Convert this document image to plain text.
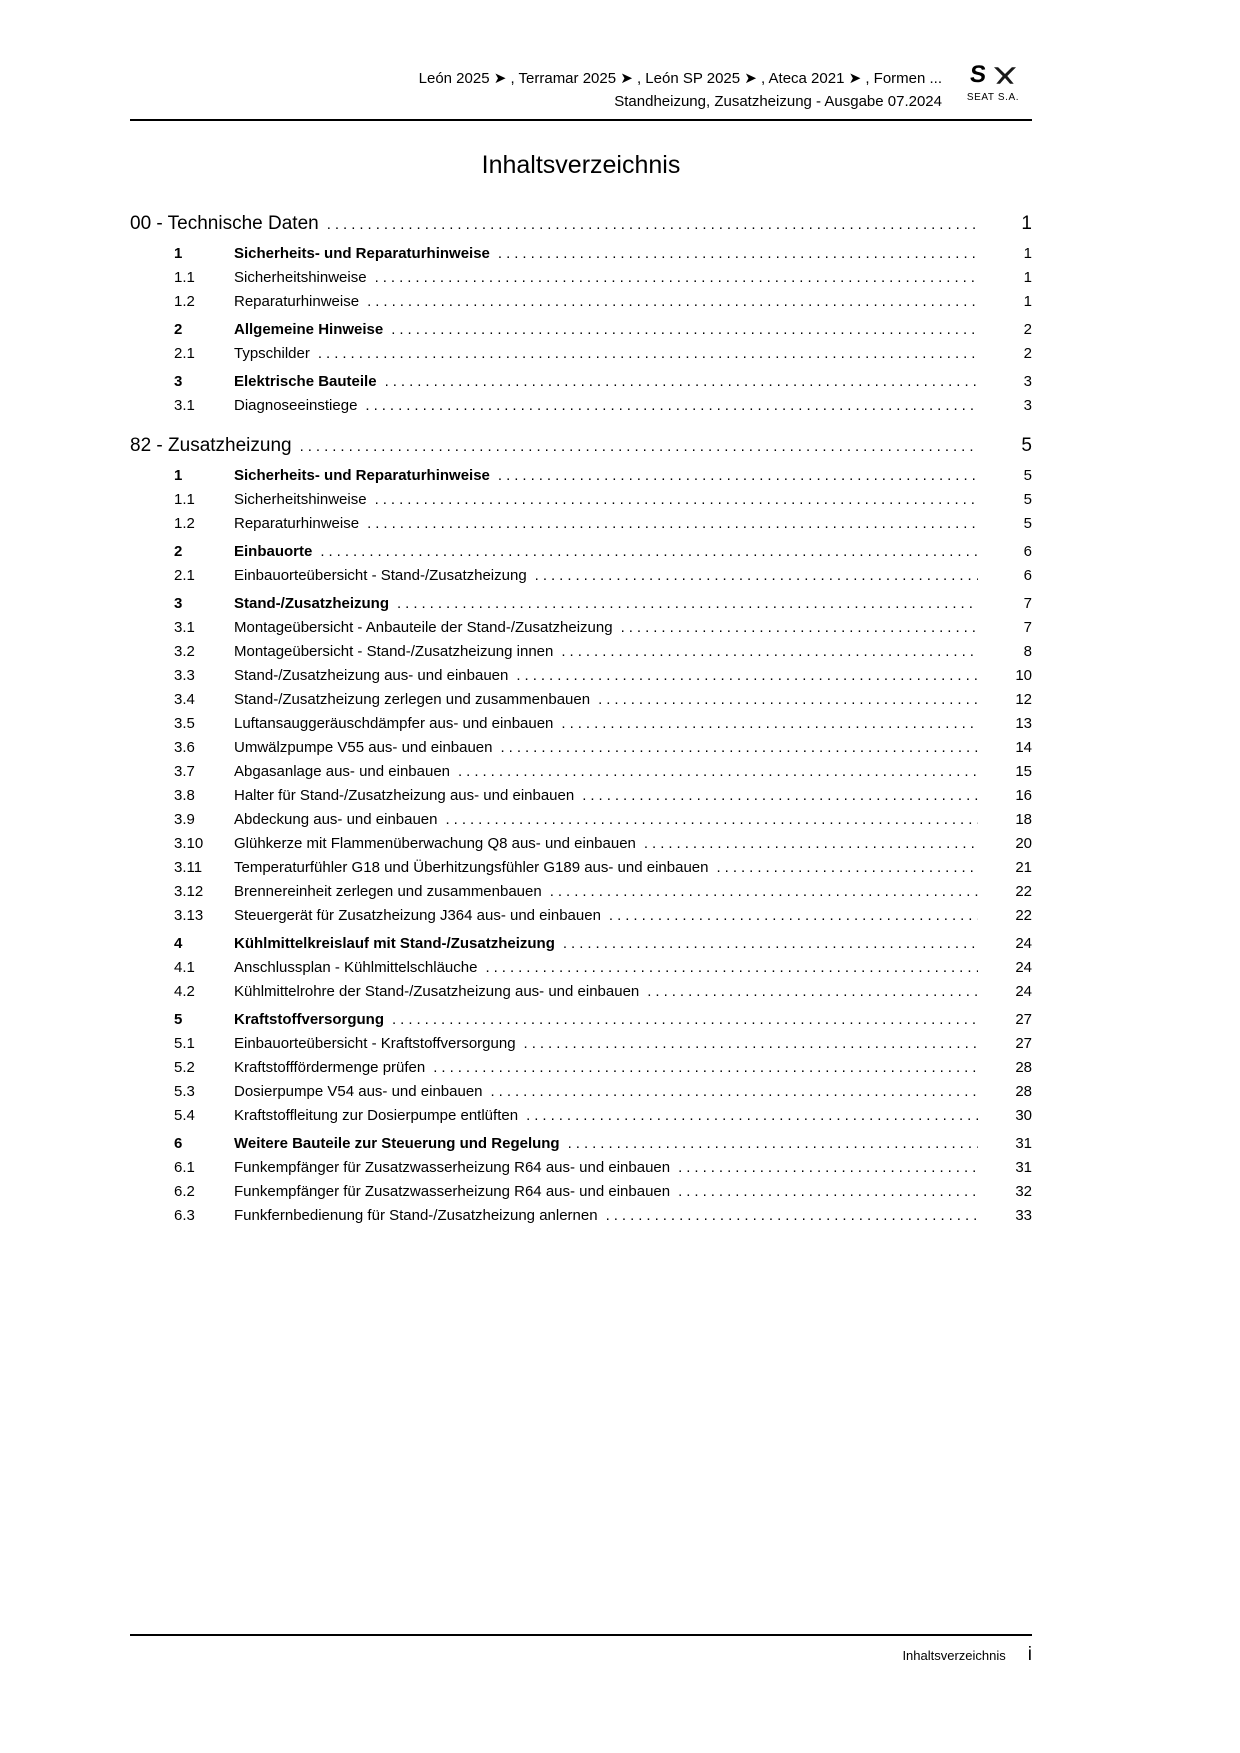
León 2025 ➤ , Terramar 2025 ➤ , León SP 2025 ➤ , Ateca 2021 ➤ , Formen ...
Standheizung, Zusatzheizung - Ausgabe 07.2024
S
SEAT S.A.
Inhaltsverzeichnis
00 - Technische Daten .....	1
1	Sicherheits- und Reparaturhinweise .....	1
1.1	Sicherheitshinweise .....	1
1.2	Reparaturhinweise .....	1
2	Allgemeine Hinweise .....	2
2.1	Typschilder .....	2
3	Elektrische Bauteile .....	3
3.1	Diagnoseeinstiege .....	3
82 - Zusatzheizung .....	5
1	Sicherheits- und Reparaturhinweise .....	5
1.1	Sicherheitshinweise .....	5
1.2	Reparaturhinweise .....	5
2	Einbauorte .....	6
2.1	Einbauorteübersicht - Stand-/Zusatzheizung .....	6
3	Stand-/Zusatzheizung .....	7
3.1	Montageübersicht - Anbauteile der Stand-/Zusatzheizung .....	7
3.2	Montageübersicht - Stand-/Zusatzheizung innen .....	8
3.3	Stand-/Zusatzheizung aus- und einbauen .....	10
3.4	Stand-/Zusatzheizung zerlegen und zusammenbauen .....	12
3.5	Luftansauggeräuschdämpfer aus- und einbauen .....	13
3.6	Umwälzpumpe V55 aus- und einbauen .....	14
3.7	Abgasanlage aus- und einbauen .....	15
3.8	Halter für Stand-/Zusatzheizung aus- und einbauen .....	16
3.9	Abdeckung aus- und einbauen .....	18
3.10	Glühkerze mit Flammenüberwachung Q8 aus- und einbauen .....	20
3.11	Temperaturfühler G18 und Überhitzungsfühler G189 aus- und einbauen .....	21
3.12	Brennereinheit zerlegen und zusammenbauen .....	22
3.13	Steuergerät für Zusatzheizung J364 aus- und einbauen .....	22
4	Kühlmittelkreislauf mit Stand-/Zusatzheizung .....	24
4.1	Anschlussplan - Kühlmittelschläuche .....	24
4.2	Kühlmittelrohre der Stand-/Zusatzheizung aus- und einbauen .....	24
5	Kraftstoffversorgung .....	27
5.1	Einbauorteübersicht - Kraftstoffversorgung .....	27
5.2	Kraftstofffördermenge prüfen .....	28
5.3	Dosierpumpe V54 aus- und einbauen .....	28
5.4	Kraftstoffleitung zur Dosierpumpe entlüften .....	30
6	Weitere Bauteile zur Steuerung und Regelung .....	31
6.1	Funkempfänger für Zusatzwasserheizung R64 aus- und einbauen .....	31
6.2	Funkempfänger für Zusatzwasserheizung R64 aus- und einbauen .....	32
6.3	Funkfernbedienung für Stand-/Zusatzheizung anlernen .....	33
Inhaltsverzeichnis i
